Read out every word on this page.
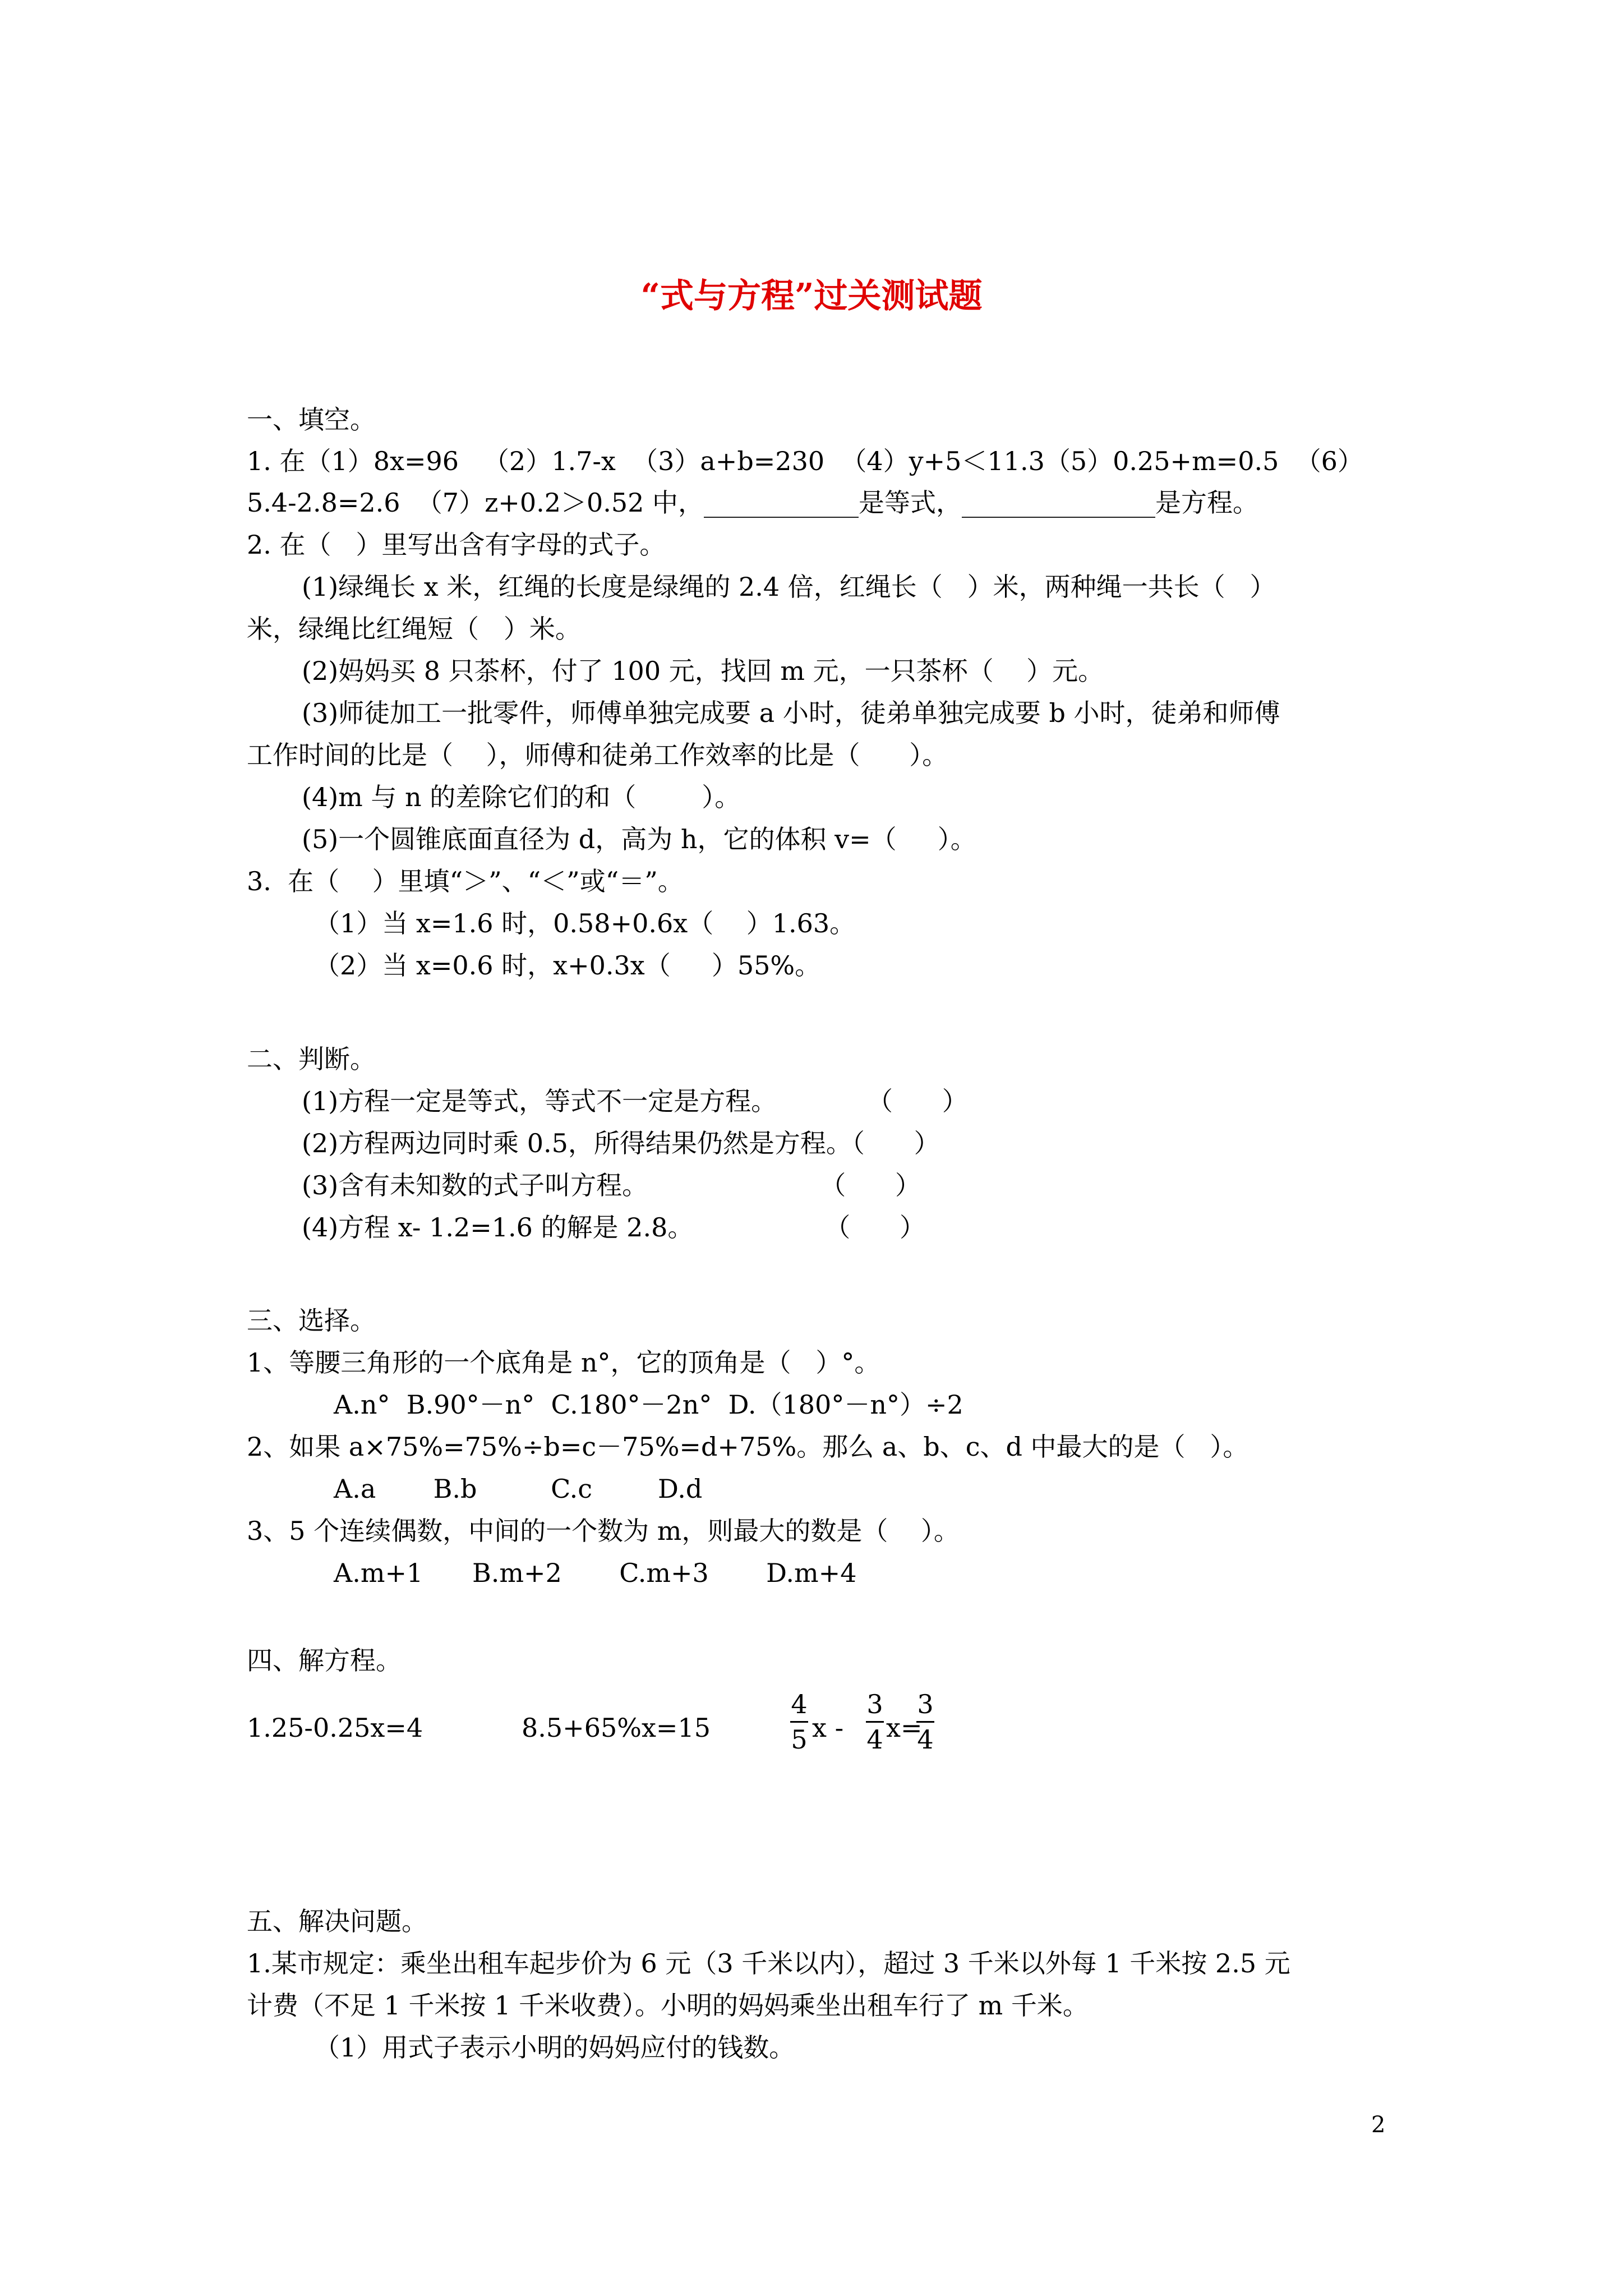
“式与方程”过关测试题
一、填空。
1. 在（1）8x=96   （2）1.7-x  （3）a+b=230  （4）y+5＜11.3（5）0.25+m=0.5  （6）
5.4-2.8=2.6  （7）z+0.2＞0.52 中，____________是等式，_______________是方程。
2. 在（   ）里写出含有字母的式子。
(1)绿绳长 x 米，红绳的长度是绿绳的 2.4 倍，红绳长（   ）米，两种绳一共长（   ）
米，绿绳比红绳短（   ）米。
(2)妈妈买 8 只茶杯，付了 100 元，找回 m 元，一只茶杯（    ）元。
(3)师徒加工一批零件，师傅单独完成要 a 小时，徒弟单独完成要 b 小时，徒弟和师傅
工作时间的比是（    ），师傅和徒弟工作效率的比是（      ）。
(4)m 与 n 的差除它们的和（        ）。
(5)一个圆锥底面直径为 d，高为 h，它的体积 v=（     ）。
3.  在（    ）里填“＞”、“＜”或“＝”。
（1）当 x=1.6 时，0.58+0.6x（    ）1.63。
（2）当 x=0.6 时，x+0.3x（     ）55%。
二、判断。
(1)方程一定是等式，等式不一定是方程。           （      ）
(2)方程两边同时乘 0.5，所得结果仍然是方程。（      ）
(3)含有未知数的式子叫方程。                     （      ）
(4)方程 x- 1.2=1.6 的解是 2.8。                （      ）
三、选择。
1、等腰三角形的一个底角是 n°，它的顶角是（   ）°。
A.n°  B.90°－n°  C.180°－2n°  D.（180°－n°）÷2
2、如果 a×75%=75%÷b=c－75%=d+75%。那么 a、b、c、d 中最大的是（   ）。
A.a       B.b         C.c        D.d
3、5 个连续偶数，中间的一个数为 m，则最大的数是（    ）。
A.m+1      B.m+2       C.m+3       D.m+4
四、解方程。
1.25-0.25x=4	8.5+65%x=15
4
5 x -
3
4 x=
3
4
五、解决问题。
1.某市规定：乘坐出租车起步价为 6 元（3 千米以内），超过 3 千米以外每 1 千米按 2.5 元
计费（不足 1 千米按 1 千米收费）。小明的妈妈乘坐出租车行了 m 千米。
（1）用式子表示小明的妈妈应付的钱数。
2
